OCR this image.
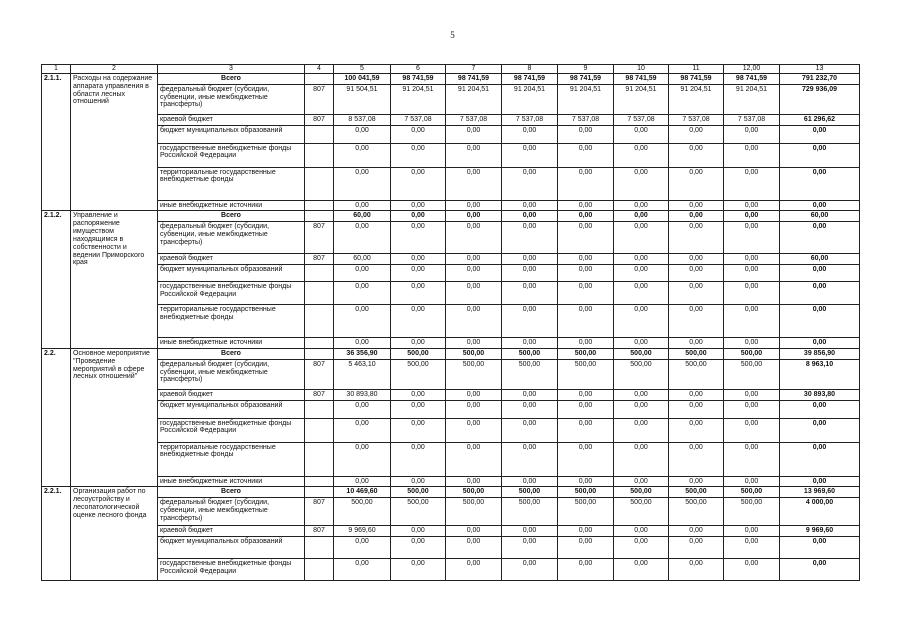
5
1	2	3	4	5	6	7	8	9	10	11	12,00	13
2.1.1.	Расходы на содержание аппарата управления в области лесных отношений	Всего		100 041,59	98 741,59	98 741,59	98 741,59	98 741,59	98 741,59	98 741,59	98 741,59	791 232,70
		федеральный бюджет (субсидии, субвенции, иные межбюджетные трансферты)	807	91 504,51	91 204,51	91 204,51	91 204,51	91 204,51	91 204,51	91 204,51	91 204,51	729 936,09
		краевой бюджет	807	8 537,08	7 537,08	7 537,08	7 537,08	7 537,08	7 537,08	7 537,08	7 537,08	61 296,62
		бюджет муниципальных образований		0,00	0,00	0,00	0,00	0,00	0,00	0,00	0,00	0,00
		государственные внебюджетные фонды Российской Федерации		0,00	0,00	0,00	0,00	0,00	0,00	0,00	0,00	0,00
		территориальные государственные внебюджетные фонды		0,00	0,00	0,00	0,00	0,00	0,00	0,00	0,00	0,00
		иные внебюджетные источники		0,00	0,00	0,00	0,00	0,00	0,00	0,00	0,00	0,00
2.1.2.	Управление и распоряжение имуществом находящимся в собственности и ведении Приморского края	Всего		60,00	0,00	0,00	0,00	0,00	0,00	0,00	0,00	60,00
		федеральный бюджет (субсидии, субвенции, иные межбюджетные трансферты)	807	0,00	0,00	0,00	0,00	0,00	0,00	0,00	0,00	0,00
		краевой бюджет	807	60,00	0,00	0,00	0,00	0,00	0,00	0,00	0,00	60,00
		бюджет муниципальных образований		0,00	0,00	0,00	0,00	0,00	0,00	0,00	0,00	0,00
		государственные внебюджетные фонды Российской Федерации		0,00	0,00	0,00	0,00	0,00	0,00	0,00	0,00	0,00
		территориальные государственные внебюджетные фонды		0,00	0,00	0,00	0,00	0,00	0,00	0,00	0,00	0,00
		иные внебюджетные источники		0,00	0,00	0,00	0,00	0,00	0,00	0,00	0,00	0,00
2.2.	Основное мероприятие "Проведение мероприятий в сфере лесных отношений"	Всего		36 356,90	500,00	500,00	500,00	500,00	500,00	500,00	500,00	39 856,90
		федеральный бюджет (субсидии, субвенции, иные межбюджетные трансферты)	807	5 463,10	500,00	500,00	500,00	500,00	500,00	500,00	500,00	8 963,10
		краевой бюджет	807	30 893,80	0,00	0,00	0,00	0,00	0,00	0,00	0,00	30 893,80
		бюджет муниципальных образований		0,00	0,00	0,00	0,00	0,00	0,00	0,00	0,00	0,00
		государственные внебюджетные фонды Российской Федерации		0,00	0,00	0,00	0,00	0,00	0,00	0,00	0,00	0,00
		территориальные государственные внебюджетные фонды		0,00	0,00	0,00	0,00	0,00	0,00	0,00	0,00	0,00
		иные внебюджетные источники		0,00	0,00	0,00	0,00	0,00	0,00	0,00	0,00	0,00
2.2.1.	Организация работ по лесоустройству и лесопатологической оценке лесного фонда	Всего		10 469,60	500,00	500,00	500,00	500,00	500,00	500,00	500,00	13 969,60
		федеральный бюджет (субсидии, субвенции, иные межбюджетные трансферты)	807	500,00	500,00	500,00	500,00	500,00	500,00	500,00	500,00	4 000,00
		краевой бюджет	807	9 969,60	0,00	0,00	0,00	0,00	0,00	0,00	0,00	9 969,60
		бюджет муниципальных образований		0,00	0,00	0,00	0,00	0,00	0,00	0,00	0,00	0,00
		государственные внебюджетные фонды Российской Федерации		0,00	0,00	0,00	0,00	0,00	0,00	0,00	0,00	0,00
